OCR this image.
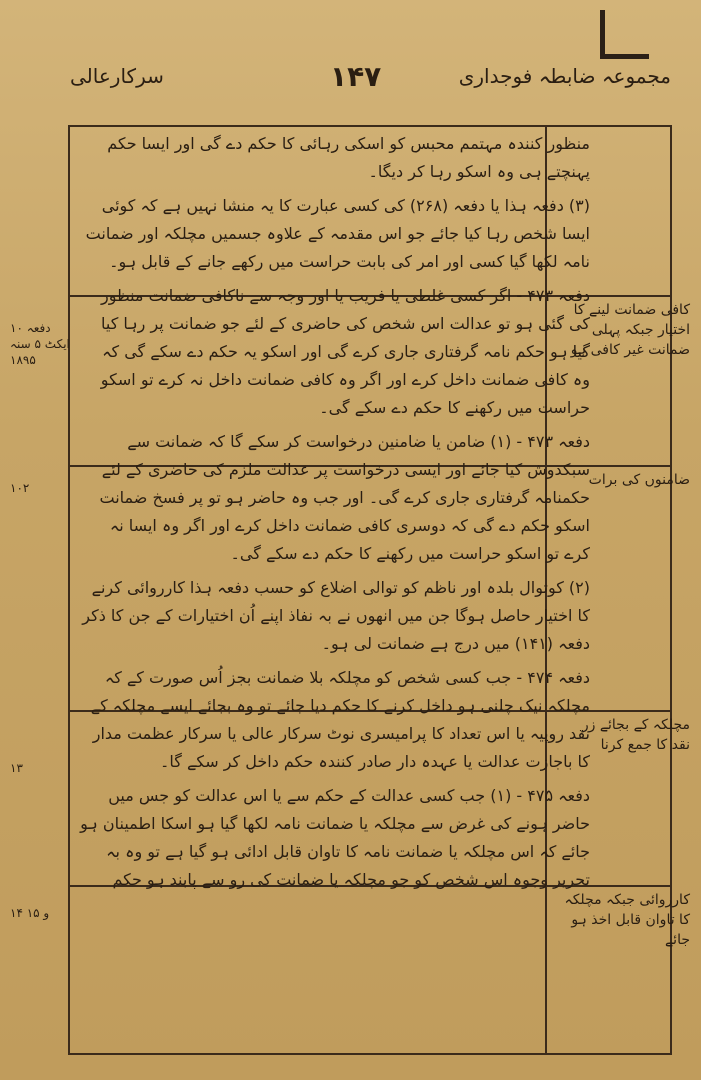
سرکارعالی	۱۴۷	مجموعہ ضابطہ فوجداری

منظور کنندہ مہتمم محبس کو اسکی رہائی کا حکم دے گی اور ایسا حکم پہنچتے ہی وہ اسکو رہا کر دیگا۔

(۳) دفعہ ہذا یا دفعہ (۲۶۸) کی کسی عبارت کا یہ منشا نہیں ہے کہ کوئی ایسا شخص رہا کیا جائے جو اس مقدمہ کے علاوہ جسمیں مچلکہ اور ضمانت نامہ لکھا گیا کسی اور امر کی بابت حراست میں رکھے جانے کے قابل ہو۔

دفعہ ۴۷۳ - اگر کسی غلطی یا فریب یا اور وجہ سے ناکافی ضمانت منظور کی گئی ہو تو عدالت اس شخص کی حاضری کے لئے جو ضمانت پر رہا کیا گیا ہو حکم نامہ گرفتاری جاری کرے گی اور اسکو یہ حکم دے سکے گی کہ وہ کافی ضمانت داخل کرے اور اگر وہ کافی ضمانت داخل نہ کرے تو اسکو حراست میں رکھنے کا حکم دے سکے گی۔

دفعہ ۴۷۳ - (۱) ضامن یا ضامنین درخواست کر سکے گا کہ ضمانت سے سبکدوش کیا جائے اور ایسی درخواست پر عدالت ملزم کی حاضری کے لئے حکمنامہ گرفتاری جاری کرے گی۔ اور جب وہ حاضر ہو تو پر فسخ ضمانت اسکو حکم دے گی کہ دوسری کافی ضمانت داخل کرے اور اگر وہ ایسا نہ کرے تو اسکو حراست میں رکھنے کا حکم دے سکے گی۔

(۲) کوتوال بلدہ اور ناظم کو توالی اضلاع کو حسب دفعہ ہذا کارروائی کرنے کا اختیار حاصل ہوگا جن میں انھوں نے بہ نفاذ اپنے اُن اختیارات کے جن کا ذکر دفعہ (۱۴۱) میں درج ہے ضمانت لی ہو۔

دفعہ ۴۷۴ - جب کسی شخص کو مچلکہ بلا ضمانت بجز اُس صورت کے کہ مچلکہ نیک چلنی ہو داخل کرنے کا حکم دیا جائے تو وہ بجائے ایسے مچلکہ کے نقد روپیہ یا اس تعداد کا پرامیسری نوٹ سرکار عالی یا سرکار عظمت مدار کا باجازت عدالت یا عہدہ دار صادر کنندہ حکم داخل کر سکے گا۔

دفعہ ۴۷۵ - (۱) جب کسی عدالت کے حکم سے یا اس عدالت کو جس میں حاضر ہونے کی غرض سے مچلکہ یا ضمانت نامہ لکھا گیا ہو اسکا اطمینان ہو جائے کہ اس مچلکہ یا ضمانت نامہ کا تاوان قابل ادائی ہو گیا ہے تو وہ بہ تحریر وجوہ اس شخص کو جو مچلکہ یا ضمانت کی رو سے پابند ہو حکم

کافی ضمانت لینے کا اختیار جبکہ پہلی ضمانت غیر کافی ہو
ضامنوں کی برات
مچلکہ کے بجائے زر نقد کا جمع کرنا
کارروائی جبکہ مچلکہ کا تاوان قابل اخذ ہو جائے
دفعہ ۱۰ ایکٹ ۵ سنہ ۱۸۹۵
۱۰۲
۱۳
۱۴ و ۱۵
